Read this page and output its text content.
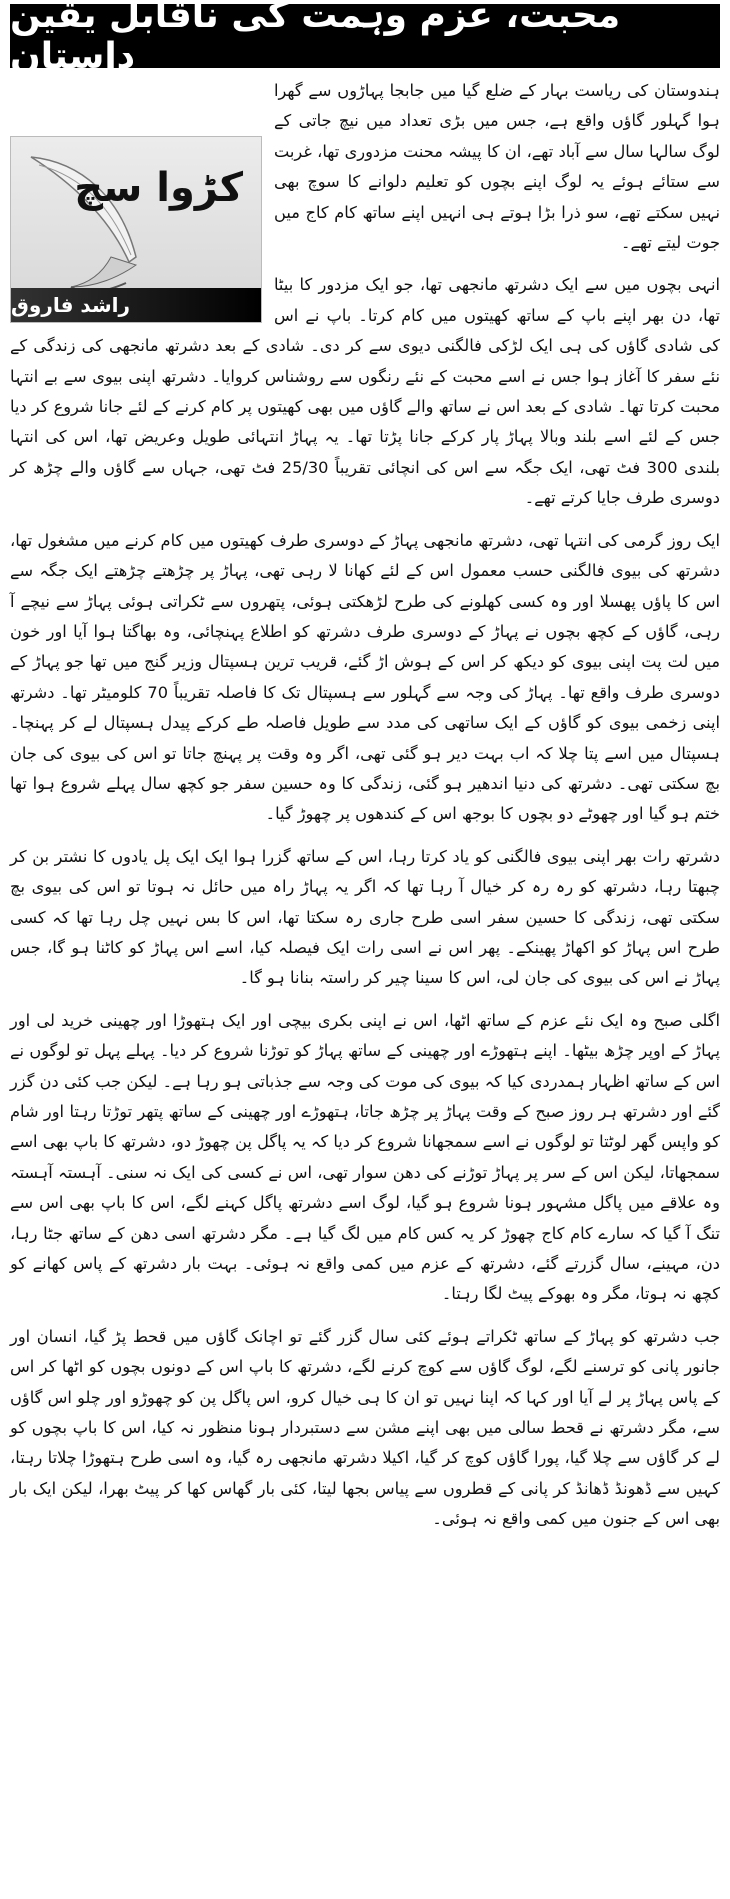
محبت، عزم وہمت کی ناقابل یقین داستان

کڑوا سچ
راشد فاروق
ہندوستان کی ریاست بہار کے ضلع گیا میں جابجا پہاڑوں سے گھرا ہوا گہلور گاؤں واقع ہے، جس میں بڑی تعداد میں نیچ جاتی کے لوگ سالہا سال سے آباد تھے، ان کا پیشہ محنت مزدوری تھا، غربت سے ستائے ہوئے یہ لوگ اپنے بچوں کو تعلیم دلوانے کا سوچ بھی نہیں سکتے تھے، سو ذرا بڑا ہوتے ہی انہیں اپنے ساتھ کام کاج میں جوت لیتے تھے۔

انہی بچوں میں سے ایک دشرتھ مانجھی تھا، جو ایک مزدور کا بیٹا تھا، دن بھر اپنے باپ کے ساتھ کھیتوں میں کام کرتا۔ باپ نے اس کی شادی گاؤں کی ہی ایک لڑکی فالگنی دیوی سے کر دی۔ شادی کے بعد دشرتھ مانجھی کی زندگی کے نئے سفر کا آغاز ہوا جس نے اسے محبت کے نئے رنگوں سے روشناس کروایا۔ دشرتھ اپنی بیوی سے بے انتہا محبت کرتا تھا۔ شادی کے بعد اس نے ساتھ والے گاؤں میں بھی کھیتوں پر کام کرنے کے لئے جانا شروع کر دیا جس کے لئے اسے بلند وبالا پہاڑ پار کرکے جانا پڑتا تھا۔ یہ پہاڑ انتہائی طویل وعریض تھا، اس کی انتہا بلندی 300 فٹ تھی، ایک جگہ سے اس کی انچائی تقریباً 25/30 فٹ تھی، جہاں سے گاؤں والے چڑھ کر دوسری طرف جایا کرتے تھے۔

ایک روز گرمی کی انتہا تھی، دشرتھ مانجھی پہاڑ کے دوسری طرف کھیتوں میں کام کرنے میں مشغول تھا، دشرتھ کی بیوی فالگنی حسب معمول اس کے لئے کھانا لا رہی تھی، پہاڑ پر چڑھتے چڑھتے ایک جگہ سے اس کا پاؤں پھسلا اور وہ کسی کھلونے کی طرح لڑھکتی ہوئی، پتھروں سے ٹکراتی ہوئی پہاڑ سے نیچے آ رہی، گاؤں کے کچھ بچوں نے پہاڑ کے دوسری طرف دشرتھ کو اطلاع پہنچائی، وہ بھاگتا ہوا آیا اور خون میں لت پت اپنی بیوی کو دیکھ کر اس کے ہوش اڑ گئے، قریب ترین ہسپتال وزیر گنج میں تھا جو پہاڑ کے دوسری طرف واقع تھا۔ پہاڑ کی وجہ سے گہلور سے ہسپتال تک کا فاصلہ تقریباً 70 کلومیٹر تھا۔ دشرتھ اپنی زخمی بیوی کو گاؤں کے ایک ساتھی کی مدد سے طویل فاصلہ طے کرکے پیدل ہسپتال لے کر پہنچا۔ ہسپتال میں اسے پتا چلا کہ اب بہت دیر ہو گئی تھی، اگر وہ وقت پر پہنچ جاتا تو اس کی بیوی کی جان بچ سکتی تھی۔ دشرتھ کی دنیا اندھیر ہو گئی، زندگی کا وہ حسین سفر جو کچھ سال پہلے شروع ہوا تھا ختم ہو گیا اور چھوٹے دو بچوں کا بوجھ اس کے کندھوں پر چھوڑ گیا۔

دشرتھ رات بھر اپنی بیوی فالگنی کو یاد کرتا رہا، اس کے ساتھ گزرا ہوا ایک ایک پل یادوں کا نشتر بن کر چبھتا رہا، دشرتھ کو رہ رہ کر خیال آ رہا تھا کہ اگر یہ پہاڑ راہ میں حائل نہ ہوتا تو اس کی بیوی بچ سکتی تھی، زندگی کا حسین سفر اسی طرح جاری رہ سکتا تھا، اس کا بس نہیں چل رہا تھا کہ کسی طرح اس پہاڑ کو اکھاڑ پھینکے۔ پھر اس نے اسی رات ایک فیصلہ کیا، اسے اس پہاڑ کو کاٹنا ہو گا، جس پہاڑ نے اس کی بیوی کی جان لی، اس کا سینا چیر کر راستہ بنانا ہو گا۔

اگلی صبح وہ ایک نئے عزم کے ساتھ اٹھا، اس نے اپنی بکری بیچی اور ایک ہتھوڑا اور چھینی خرید لی اور پہاڑ کے اوپر چڑھ بیٹھا۔ اپنے ہتھوڑے اور چھینی کے ساتھ پہاڑ کو توڑنا شروع کر دیا۔ پہلے پہل تو لوگوں نے اس کے ساتھ اظہار ہمدردی کیا کہ بیوی کی موت کی وجہ سے جذباتی ہو رہا ہے۔ لیکن جب کئی دن گزر گئے اور دشرتھ ہر روز صبح کے وقت پہاڑ پر چڑھ جاتا، ہتھوڑے اور چھینی کے ساتھ پتھر توڑتا رہتا اور شام کو واپس گھر لوٹتا تو لوگوں نے اسے سمجھانا شروع کر دیا کہ یہ پاگل پن چھوڑ دو، دشرتھ کا باپ بھی اسے سمجھاتا، لیکن اس کے سر پر پہاڑ توڑنے کی دھن سوار تھی، اس نے کسی کی ایک نہ سنی۔ آہستہ آہستہ وہ علاقے میں پاگل مشہور ہونا شروع ہو گیا، لوگ اسے دشرتھ پاگل کہنے لگے، اس کا باپ بھی اس سے تنگ آ گیا کہ سارے کام کاج چھوڑ کر یہ کس کام میں لگ گیا ہے۔ مگر دشرتھ اسی دھن کے ساتھ جٹا رہا، دن، مہینے، سال گزرتے گئے، دشرتھ کے عزم میں کمی واقع نہ ہوئی۔ بہت بار دشرتھ کے پاس کھانے کو کچھ نہ ہوتا، مگر وہ بھوکے پیٹ لگا رہتا۔

جب دشرتھ کو پہاڑ کے ساتھ ٹکراتے ہوئے کئی سال گزر گئے تو اچانک گاؤں میں قحط پڑ گیا، انسان اور جانور پانی کو ترسنے لگے، لوگ گاؤں سے کوچ کرنے لگے، دشرتھ کا باپ اس کے دونوں بچوں کو اٹھا کر اس کے پاس پہاڑ پر لے آیا اور کہا کہ اپنا نہیں تو ان کا ہی خیال کرو، اس پاگل پن کو چھوڑو اور چلو اس گاؤں سے، مگر دشرتھ نے قحط سالی میں بھی اپنے مشن سے دستبردار ہونا منظور نہ کیا، اس کا باپ بچوں کو لے کر گاؤں سے چلا گیا، پورا گاؤں کوچ کر گیا، اکیلا دشرتھ مانجھی رہ گیا، وہ اسی طرح ہتھوڑا چلاتا رہتا، کہیں سے ڈھونڈ ڈھانڈ کر پانی کے قطروں سے پیاس بجھا لیتا، کئی بار گھاس کھا کر پیٹ بھرا، لیکن ایک بار بھی اس کے جنون میں کمی واقع نہ ہوئی۔
